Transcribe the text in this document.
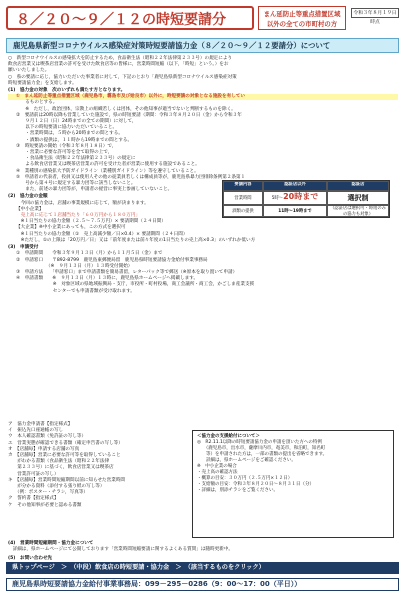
８／２０～９／１２の時短要請分	まん延防止等重点措置区域
以外の全ての市町村の方
令和３年８月１９日時点
鹿児島県新型コロナウイルス感染症対策時短要請協力金（８／２０～９／１２要請分）について

○　新型コロナウイルスの感染拡大を防止するため，食品衛生法（昭和２２年法律第２３３号）の規定により

飲食店営業又は喫茶店営業の許可を受けた飲食店等の皆様に，営業時間短縮（以下，「時短」という。）をお

願いいたしました。

○　県の要請に応じ，協力いただいた事業者に対して，下記のとおり「鹿児島県新型コロナウイルス感染症対策

時短要請協力金」を支給します。

(1)　協力金の対象　次のいずれも満たす方となります。

①　まん延防止等重点措置区域（鹿児島市，霧島市及び姶良市）以外に，時短要請の対象となる施設を有してい

　　るものとする。

　　※　ただし，政治団体，宗教上の組織若しくは団体，その他知事が適当でないと判断するものを除く。

②　要請前は20時以降も営業していた施設で，県の時短要請（期間：令和３年８月２０日（金）から令和３年

　　９月１２日（日）24時までの全ての期間）に対して，

　　以下の時短要請に協力いただいていること。

　　・営業時間は，５時から20時までの間とする。

　　・酒類の提供は，１１時から19時までの間とする。

③　時短要請の開始（令和３年８月１８日）で，

　　・営業に必要な許可等を全て取得の上で，

　　・食品衛生法（昭和２２年法律第２３３号）の規定に

　　よる飲食店営業又は喫茶店営業の許可を受けた者が営業に使用する施設であること。

④　業種別の感染拡大予防ガイドライン（業種別ガイドライン）等を遵守していること。

⑤　申請者の代表者，役員又は使用人その他の従業員若しくは構成員等が，鹿児島県暴力団排除条例第２条第１

　　号から第４号に規定する暴力団等に該当しないこと。

　　また，前述の暴力団等が，申請者の経営に事実上参画していないこと。

(2)　協力金の金額

　今回の協力金は，店舗の事業規模に応じて，額が決まります。

【中小企業】

　売上高に応じて１店舗当たり「６０万円から１８０万円」

　※１日当たりの協力金額（２.５～７.５万円）× 要請期間（２４日間）

【大企業】※中小企業にあっても，この方式を選択可

　※１日当たりの協力金額（①　売上高減少額／日×0.4）× 要請期間（２４日間）

　※ただし，①の上限は「20万円／日」又は「前年度または前々年度の1日当たりの売上高×0.3」のいずれか低い方

(3)　申請受付

①　申請期間　　令和３年９月１３日（月）から１１月５日（金）まで

②　申請窓口　　〒892-8799　鹿児島東郵便局留　鹿児島県時短要請協力金給付事業事務局

　　　　　　　（※　９月１３日（月）１３時受付開始）

③　申請方法　　「申請窓口」まで申請書類を簡易書留，レターパック等で郵送（※原本を取り置いて申請）

④　申請書類　　※　９月１３日（月）１３時に，鹿児島県ホームページへ掲載します。

　　　　　　　　※　対象区域の県地域振興局・支庁，市役所・町村役場，商工会議所・商工会，かごしま産業支援

　　　　　　　　センターでも申請書類が受け取れます。

要請内容	認証店以外	認証店
営業時間	5時～20時まで	選択制
酒類の提供	11時～19時まで
（認証店は選択可・時短のみの協力も対象）

ア　協力金申請書【指定様式】

イ　振込先口座通帳の写し

ウ　本人確認書類（免許証の写し等）

エ　営業実態が確認できる書類（確定申告書の写し等）

オ　【店舗毎】申請する店舗の写真

カ　【店舗毎】営業に必要な許可等を取得していること

　　がわかる書類（食品衛生法（昭和２２年法律

　　第２３３号）に基づく，飲食店営業又は喫茶店

　　営業許可証の写し）

キ　【店舗毎】営業時間短縮期間以前に知らせた営業時間

　　が分かる資料（添付する張り紙の写し等）

　　（例：ポスター・チラシ，写真等）

ク　誓約書【指定様式】

ケ　その他知事が必要と認める書類

＜協力金の支援給付について＞

◎　R2.11.1以降の時短要請協力金の申請を頂いた方への特例

　　（鹿児島市，出水市，薩摩川内市，奄美市，和泊町，知名町

　　等）を申請された方は，一部の書類の提出を省略できます。

　　詳細は，県ホームページをご確認ください。

※　中小企業の場合

・売上高の確認方法

・概算の目安：３０万円（２.５万円×１２日）

・支給額の目安：令和３年８月２０日～８月３１日（分）

・詳細は，別添チラシをご覧ください。

(4)　営業時間短縮期間・協力金について

　詳細は，県ホームページにて公開しております「営業時間短縮要請に関するよくある質問」は随時更新中。

(5)　お問い合わせ先

県トップページ　＞　（中段）飲食店の時短要請・協力金　＞　（該当するものをクリック）
鹿児島県時短要請協力金給付事業事務局：099－295－0286（9：00～17：00（平日））
